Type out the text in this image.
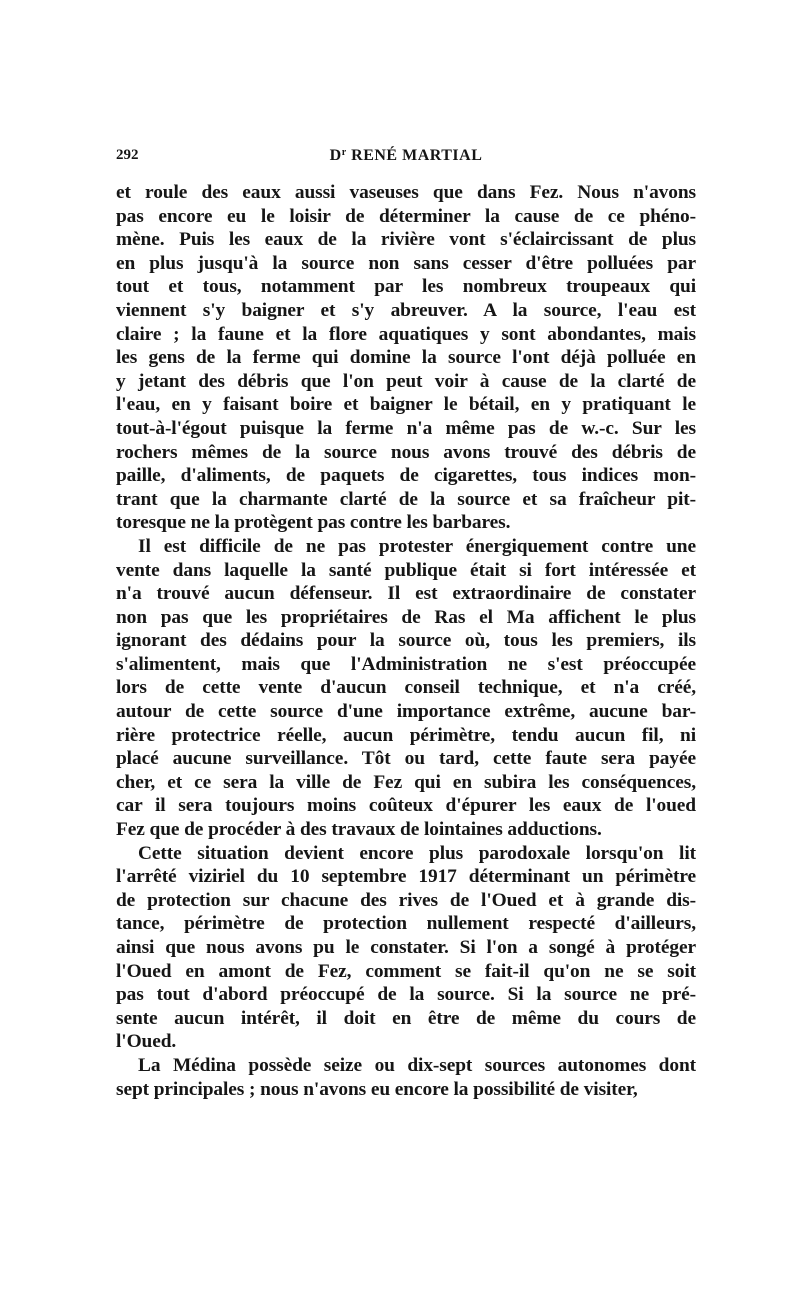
292	$D^r$ RENÉ MARTIAL
et roule des eaux aussi vaseuses que dans Fez. Nous n'avons
pas encore eu le loisir de déterminer la cause de ce phéno-
mène. Puis les eaux de la rivière vont s'éclaircissant de plus
en plus jusqu'à la source non sans cesser d'être polluées par
tout et tous, notamment par les nombreux troupeaux qui
viennent s'y baigner et s'y abreuver. A la source, l'eau est
claire ; la faune et la flore aquatiques y sont abondantes, mais
les gens de la ferme qui domine la source l'ont déjà polluée en
y jetant des débris que l'on peut voir à cause de la clarté de
l'eau, en y faisant boire et baigner le bétail, en y pratiquant le
tout-à-l'égout puisque la ferme n'a même pas de w.-c. Sur les
rochers mêmes de la source nous avons trouvé des débris de
paille, d'aliments, de paquets de cigarettes, tous indices mon-
trant que la charmante clarté de la source et sa fraîcheur pit-
toresque ne la protègent pas contre les barbares.
Il est difficile de ne pas protester énergiquement contre une
vente dans laquelle la santé publique était si fort intéressée et
n'a trouvé aucun défenseur. Il est extraordinaire de constater
non pas que les propriétaires de Ras el Ma affichent le plus
ignorant des dédains pour la source où, tous les premiers, ils
s'alimentent, mais que l'Administration ne s'est préoccupée
lors de cette vente d'aucun conseil technique, et n'a créé,
autour de cette source d'une importance extrême, aucune bar-
rière protectrice réelle, aucun périmètre, tendu aucun fil, ni
placé aucune surveillance. Tôt ou tard, cette faute sera payée
cher, et ce sera la ville de Fez qui en subira les conséquences,
car il sera toujours moins coûteux d'épurer les eaux de l'oued
Fez que de procéder à des travaux de lointaines adductions.
Cette situation devient encore plus parodoxale lorsqu'on lit
l'arrêté viziriel du 10 septembre 1917 déterminant un périmètre
de protection sur chacune des rives de l'Oued et à grande dis-
tance, périmètre de protection nullement respecté d'ailleurs,
ainsi que nous avons pu le constater. Si l'on a songé à protéger
l'Oued en amont de Fez, comment se fait-il qu'on ne se soit
pas tout d'abord préoccupé de la source. Si la source ne pré-
sente aucun intérêt, il doit en être de même du cours de
l'Oued.
La Médina possède seize ou dix-sept sources autonomes dont
sept principales ; nous n'avons eu encore la possibilité de visiter,
